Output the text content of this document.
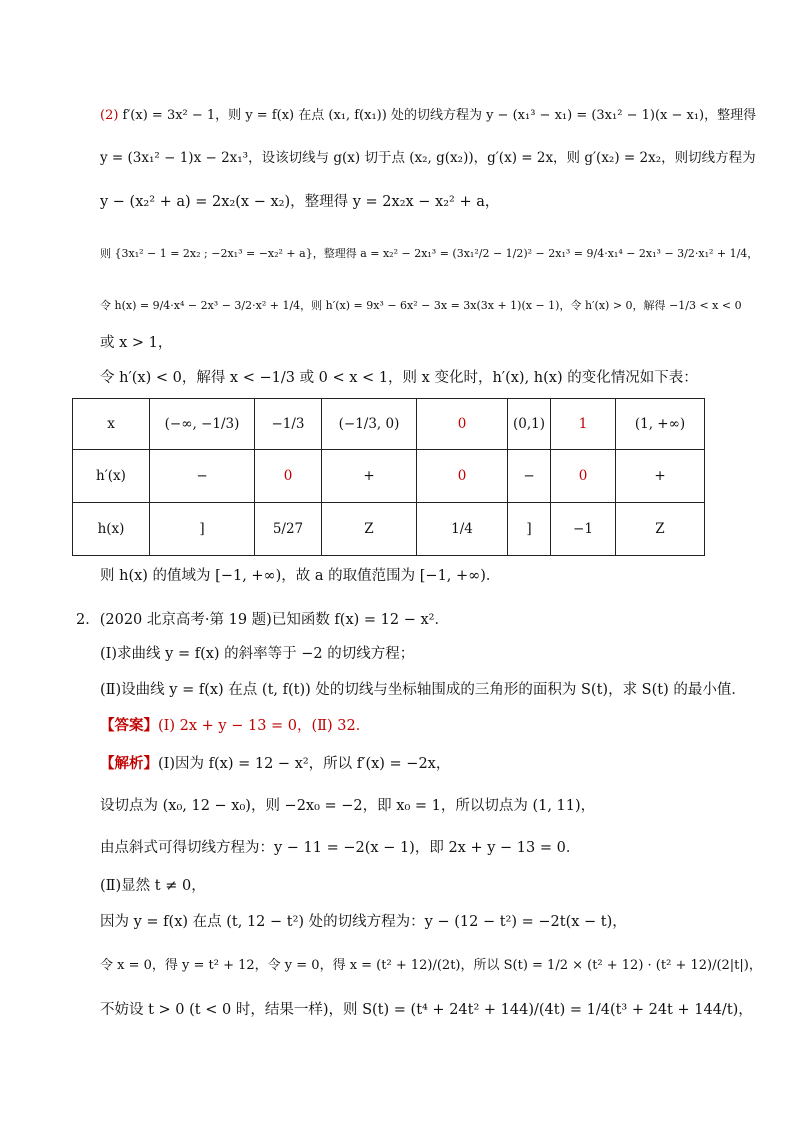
(2) f′(x) = 3x² − 1，则 y = f(x) 在点 (x₁, f(x₁)) 处的切线方程为 y − (x₁³ − x₁) = (3x₁² − 1)(x − x₁)，整理得
y = (3x₁² − 1)x − 2x₁³，设该切线与 g(x) 切于点 (x₂, g(x₂))，g′(x) = 2x，则 g′(x₂) = 2x₂，则切线方程为
y − (x₂² + a) = 2x₂(x − x₂)，整理得 y = 2x₂x − x₂² + a，
则 {3x₁² − 1 = 2x₂ ; −2x₁³ = −x₂² + a}，整理得 a = x₂² − 2x₁³ = (3x₁²/2 − 1/2)² − 2x₁³ = 9/4·x₁⁴ − 2x₁³ − 3/2·x₁² + 1/4，
令 h(x) = 9/4·x⁴ − 2x³ − 3/2·x² + 1/4，则 h′(x) = 9x³ − 6x² − 3x = 3x(3x + 1)(x − 1)，令 h′(x) > 0，解得 −1/3 < x < 0
或 x > 1，
令 h′(x) < 0，解得 x < −1/3 或 0 < x < 1，则 x 变化时，h′(x), h(x) 的变化情况如下表：
x	(−∞, −1/3)	−1/3	(−1/3, 0)	0	(0,1)	1	(1, +∞)
h′(x)	−	0	+	0	−	0	+
h(x)	]	5/27	Z	1/4	]	−1	Z
则 h(x) 的值域为 [−1, +∞)，故 a 的取值范围为 [−1, +∞)．
2．(2020 北京高考·第 19 题)已知函数 f(x) = 12 − x²．
(Ⅰ)求曲线 y = f(x) 的斜率等于 −2 的切线方程；
(Ⅱ)设曲线 y = f(x) 在点 (t, f(t)) 处的切线与坐标轴围成的三角形的面积为 S(t)，求 S(t) 的最小值．
【答案】(Ⅰ) 2x + y − 13 = 0，(Ⅱ) 32．
【解析】(Ⅰ)因为 f(x) = 12 − x²，所以 f′(x) = −2x，
设切点为 (x₀, 12 − x₀)，则 −2x₀ = −2，即 x₀ = 1，所以切点为 (1, 11)，
由点斜式可得切线方程为：y − 11 = −2(x − 1)，即 2x + y − 13 = 0．
(Ⅱ)显然 t ≠ 0，
因为 y = f(x) 在点 (t, 12 − t²) 处的切线方程为：y − (12 − t²) = −2t(x − t)，
令 x = 0，得 y = t² + 12，令 y = 0，得 x = (t² + 12)/(2t)，所以 S(t) = 1/2 × (t² + 12) · (t² + 12)/(2|t|)，
不妨设 t > 0 (t < 0 时，结果一样)，则 S(t) = (t⁴ + 24t² + 144)/(4t) = 1/4(t³ + 24t + 144/t)，
